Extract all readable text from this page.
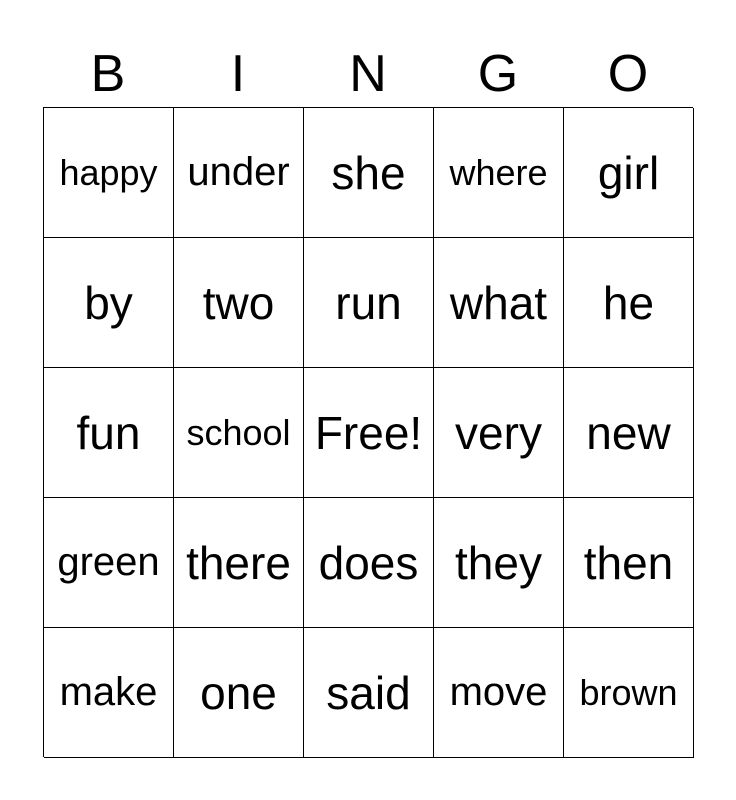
B	I	N	G	O
happy under she where girl
by two run what he
fun school Free! very new
green there does they then
make one said move brown
